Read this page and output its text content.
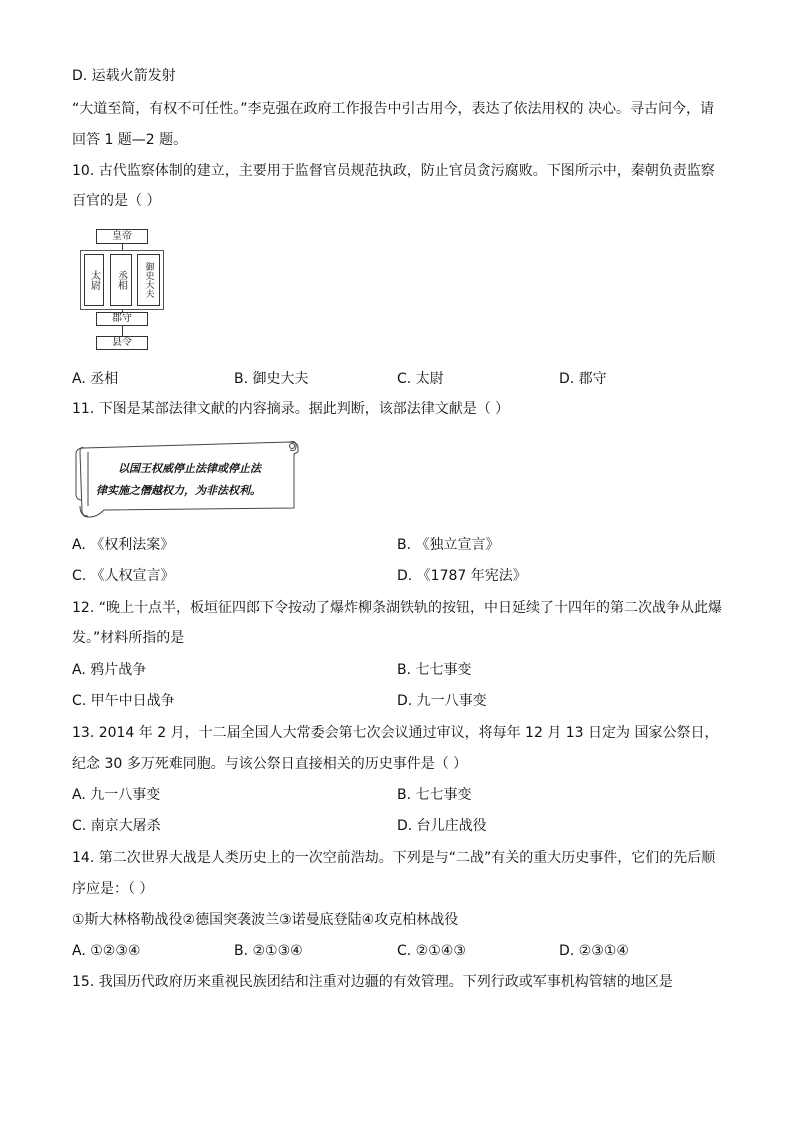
D. 运载火箭发射
“大道至简，有权不可任性。”李克强在政府工作报告中引古用今，表达了依法用权的 决心。寻古问今，请
回答 1 题—2 题。
10. 古代监察体制的建立，主要用于监督官员规范执政，防止官员贪污腐败。下图所示中，秦朝负责监察
百官的是（ ）
皇帝
太尉	丞相	御史大夫
郡守
县令
A. 丞相	B. 御史大夫	C. 太尉	D. 郡守
11. 下图是某部法律文献的内容摘录。据此判断，该部法律文献是（ ）
以国王权威停止法律或停止法
律实施之僭越权力，为非法权利。
A. 《权利法案》	B. 《独立宣言》
C. 《人权宣言》	D. 《1787 年宪法》
12. “晚上十点半，板垣征四郎下令按动了爆炸柳条湖铁轨的按钮，中日延续了十四年的第二次战争从此爆
发。”材料所指的是
A. 鸦片战争	B. 七七事变
C. 甲午中日战争	D. 九一八事变
13. 2014 年 2 月，十二届全国人大常委会第七次会议通过审议，将每年 12 月 13 日定为 国家公祭日，
纪念 30 多万死难同胞。与该公祭日直接相关的历史事件是（ ）
A. 九一八事变	B. 七七事变
C. 南京大屠杀	D. 台儿庄战役
14. 第二次世界大战是人类历史上的一次空前浩劫。下列是与“二战”有关的重大历史事件，它们的先后顺
序应是：（ ）
①斯大林格勒战役②德国突袭波兰③诺曼底登陆④攻克柏林战役
A. ①②③④	B. ②①③④	C. ②①④③	D. ②③①④
15. 我国历代政府历来重视民族团结和注重对边疆的有效管理。下列行政或军事机构管辖的地区是
